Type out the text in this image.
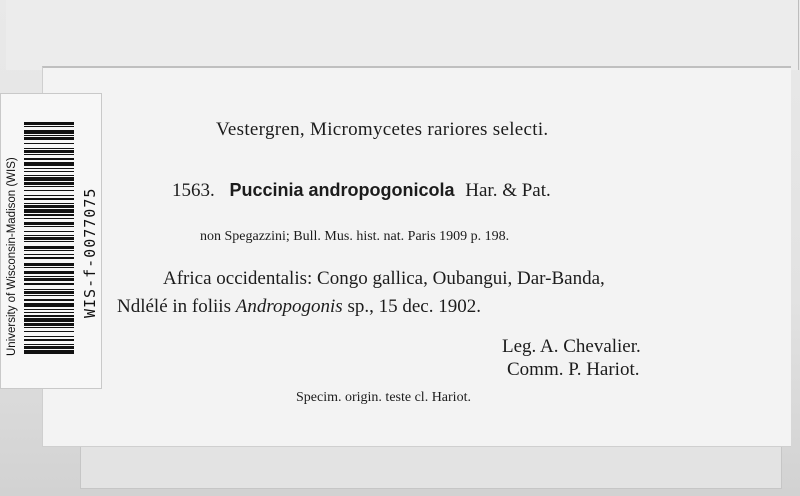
Vestergren, Micromycetes rariores selecti.
1563. Puccinia andropogonicola Har. & Pat.
non Spegazzini; Bull. Mus. hist. nat. Paris 1909 p. 198.
Africa occidentalis: Congo gallica, Oubangui, Dar-Banda,
Ndlélé in foliis Andropogonis sp., 15 dec. 1902.
Leg. A. Chevalier.
Comm. P. Hariot.
Specim. origin. teste cl. Hariot.
University of Wisconsin-Madison (WIS)	WIS-f-0077075
